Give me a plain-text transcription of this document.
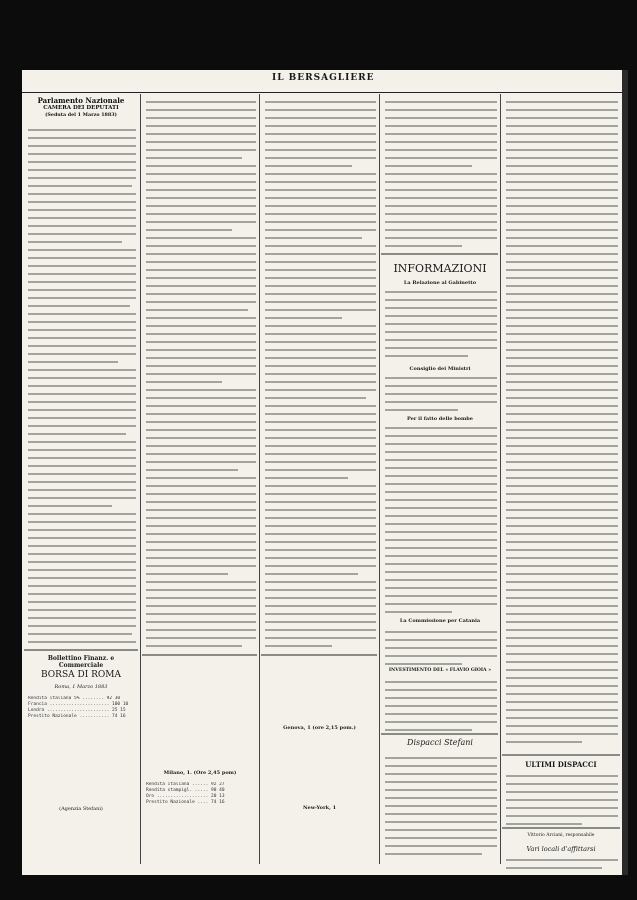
IL BERSAGLIERE
Parlamento Nazionale
CAMERA DEI DEPUTATI
(Seduta del 1 Marzo 1883)
Bollettino Finanz. e Commerciale
BORSA DI ROMA
Roma, 1 Marzo 1883
Rendita italiana 5% ........ 92 30
Francia ...................... 100 10
Londra ....................... 25 15
Prestito Nazionale ........... 74 16
(Agenzia Stefani)
Milano, 1. (Ore 2,45 pom)
Rendita italiana ...... 92 27
Rendita stampigl. ..... 90 40
Oro ................... 20 13
Prestito Nazionale .... 74 16
Genova, 1 (ore 2,15 pom.)
New-York, 1
INFORMAZIONI
La Relazione al Gabinetto
Consiglio dei Ministri
Per il fatto delle bombe
La Commissione per Catania
INVESTIMENTO DEL « FLAVIO GIOIA »
Dispacci Stefani
ULTIMI DISPACCI
Vari locali d'affittarsi
Vittorio Arciani, responsabile
